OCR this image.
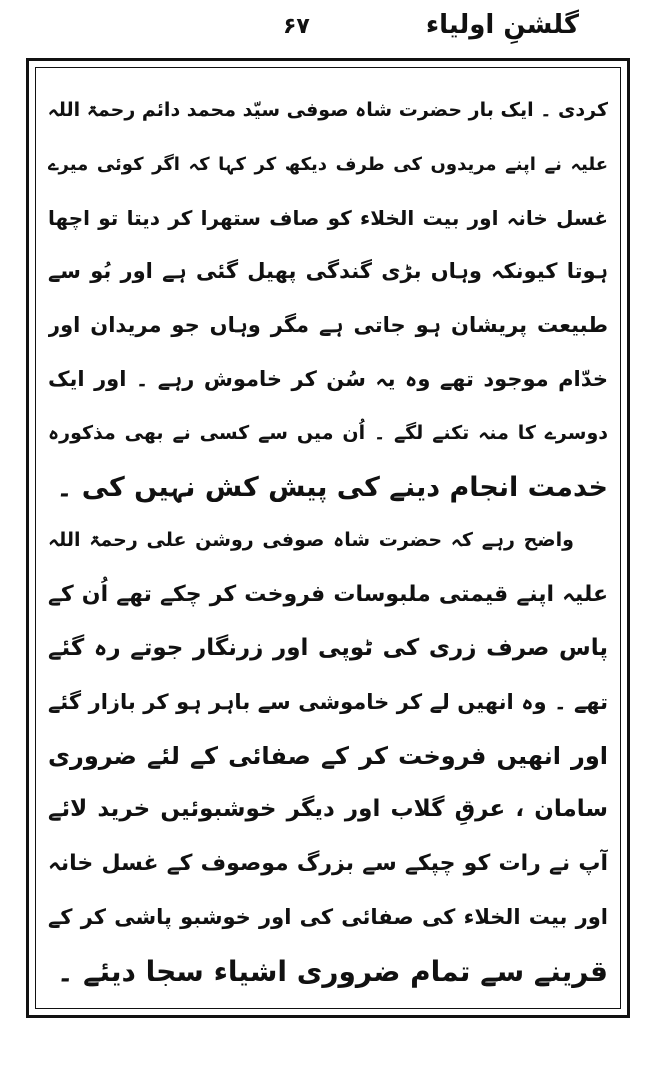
۶۷	گلشنِ اولیاء
کردی ۔ ایک بار حضرت شاہ صوفی سیّد محمد دائم رحمۃ اللہ
علیہ نے اپنے مریدوں کی طرف دیکھ کر کہا کہ اگر کوئی میرے
غسل خانہ اور بیت الخلاء کو صاف ستھرا کر دیتا تو اچھا
ہوتا کیونکہ وہاں بڑی گندگی پھیل گئی ہے اور بُو سے
طبیعت پریشان ہو جاتی ہے مگر وہاں جو مریدان اور
خدّام موجود تھے وہ یہ سُن کر خاموش رہے ۔ اور ایک
دوسرے کا منہ تکنے لگے ۔ اُن میں سے کسی نے بھی مذکورہ
خدمت انجام دینے کی پیش کش نہیں کی ۔
واضح رہے کہ حضرت شاہ صوفی روشن علی رحمۃ اللہ
علیہ اپنے قیمتی ملبوسات فروخت کر چکے تھے اُن کے
پاس صرف زری کی ٹوپی اور زرنگار جوتے رہ گئے
تھے ۔ وہ انھیں لے کر خاموشی سے باہر ہو کر بازار گئے
اور انھیں فروخت کر کے صفائی کے لئے ضروری
سامان ، عرقِ گلاب اور دیگر خوشبوئیں خرید لائے
آپ نے رات کو چپکے سے بزرگ موصوف کے غسل خانہ
اور بیت الخلاء کی صفائی کی اور خوشبو پاشی کر کے
قرینے سے تمام ضروری اشیاء سجا دیئے ۔
